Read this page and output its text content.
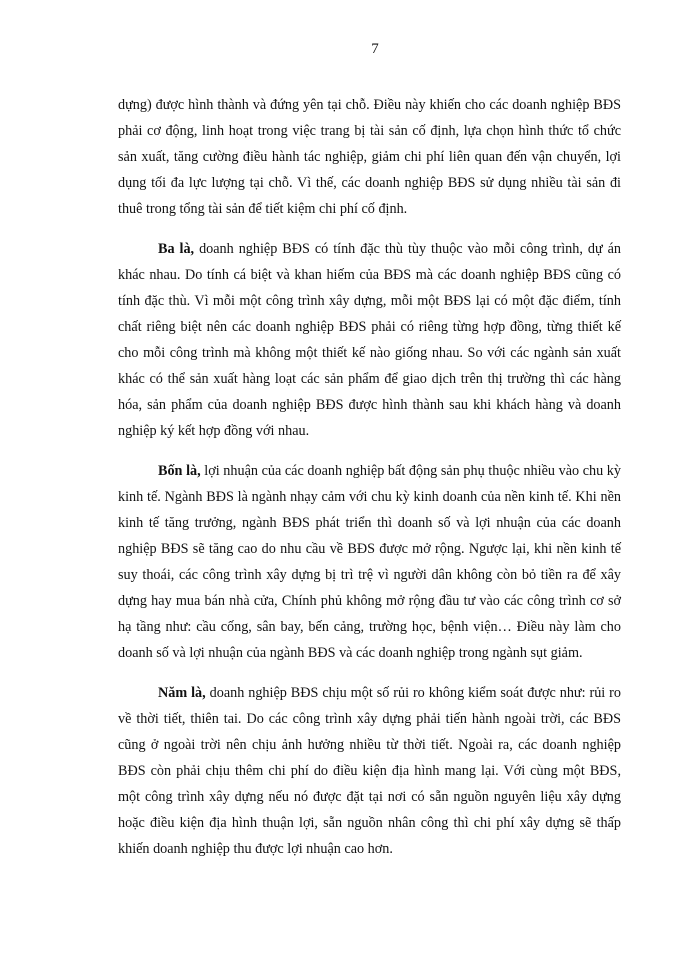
7

dựng) được hình thành và đứng yên tại chỗ. Điều này khiến cho các doanh nghiệp BĐS phải cơ động, linh hoạt trong việc trang bị tài sản cố định, lựa chọn hình thức tổ chức sản xuất, tăng cường điều hành tác nghiệp, giảm chi phí liên quan đến vận chuyển, lợi dụng tối đa lực lượng tại chỗ. Vì thế, các doanh nghiệp BĐS sử dụng nhiều tài sản đi thuê trong tổng tài sản để tiết kiệm chi phí cố định.

Ba là, doanh nghiệp BĐS có tính đặc thù tùy thuộc vào mỗi công trình, dự án khác nhau. Do tính cá biệt và khan hiếm của BĐS mà các doanh nghiệp BĐS cũng có tính đặc thù. Vì mỗi một công trình xây dựng, mỗi một BĐS lại có một đặc điểm, tính chất riêng biệt nên các doanh nghiệp BĐS phải có riêng từng hợp đồng, từng thiết kế cho mỗi công trình mà không một thiết kế nào giống nhau. So với các ngành sản xuất khác có thể sản xuất hàng loạt các sản phẩm để giao dịch trên thị trường thì các hàng hóa, sản phẩm của doanh nghiệp BĐS được hình thành sau khi khách hàng và doanh nghiệp ký kết hợp đồng với nhau.

Bốn là, lợi nhuận của các doanh nghiệp bất động sản phụ thuộc nhiều vào chu kỳ kinh tế. Ngành BĐS là ngành nhạy cảm với chu kỳ kinh doanh của nền kinh tế. Khi nền kinh tế tăng trưởng, ngành BĐS phát triển thì doanh số và lợi nhuận của các doanh nghiệp BĐS sẽ tăng cao do nhu cầu về BĐS được mở rộng. Ngược lại, khi nền kinh tế suy thoái, các công trình xây dựng bị trì trệ vì người dân không còn bỏ tiền ra để xây dựng hay mua bán nhà cửa, Chính phủ không mở rộng đầu tư vào các công trình cơ sở hạ tầng như: cầu cống, sân bay, bến cảng, trường học, bệnh viện… Điều này làm cho doanh số và lợi nhuận của ngành BĐS và các doanh nghiệp trong ngành sụt giảm.

Năm là, doanh nghiệp BĐS chịu một số rủi ro không kiểm soát được như: rủi ro về thời tiết, thiên tai. Do các công trình xây dựng phải tiến hành ngoài trời, các BĐS cũng ở ngoài trời nên chịu ảnh hưởng nhiều từ thời tiết. Ngoài ra, các doanh nghiệp BĐS còn phải chịu thêm chi phí do điều kiện địa hình mang lại. Với cùng một BĐS, một công trình xây dựng nếu nó được đặt tại nơi có sẵn nguồn nguyên liệu xây dựng hoặc điều kiện địa hình thuận lợi, sẵn nguồn nhân công thì chi phí xây dựng sẽ thấp khiến doanh nghiệp thu được lợi nhuận cao hơn.
